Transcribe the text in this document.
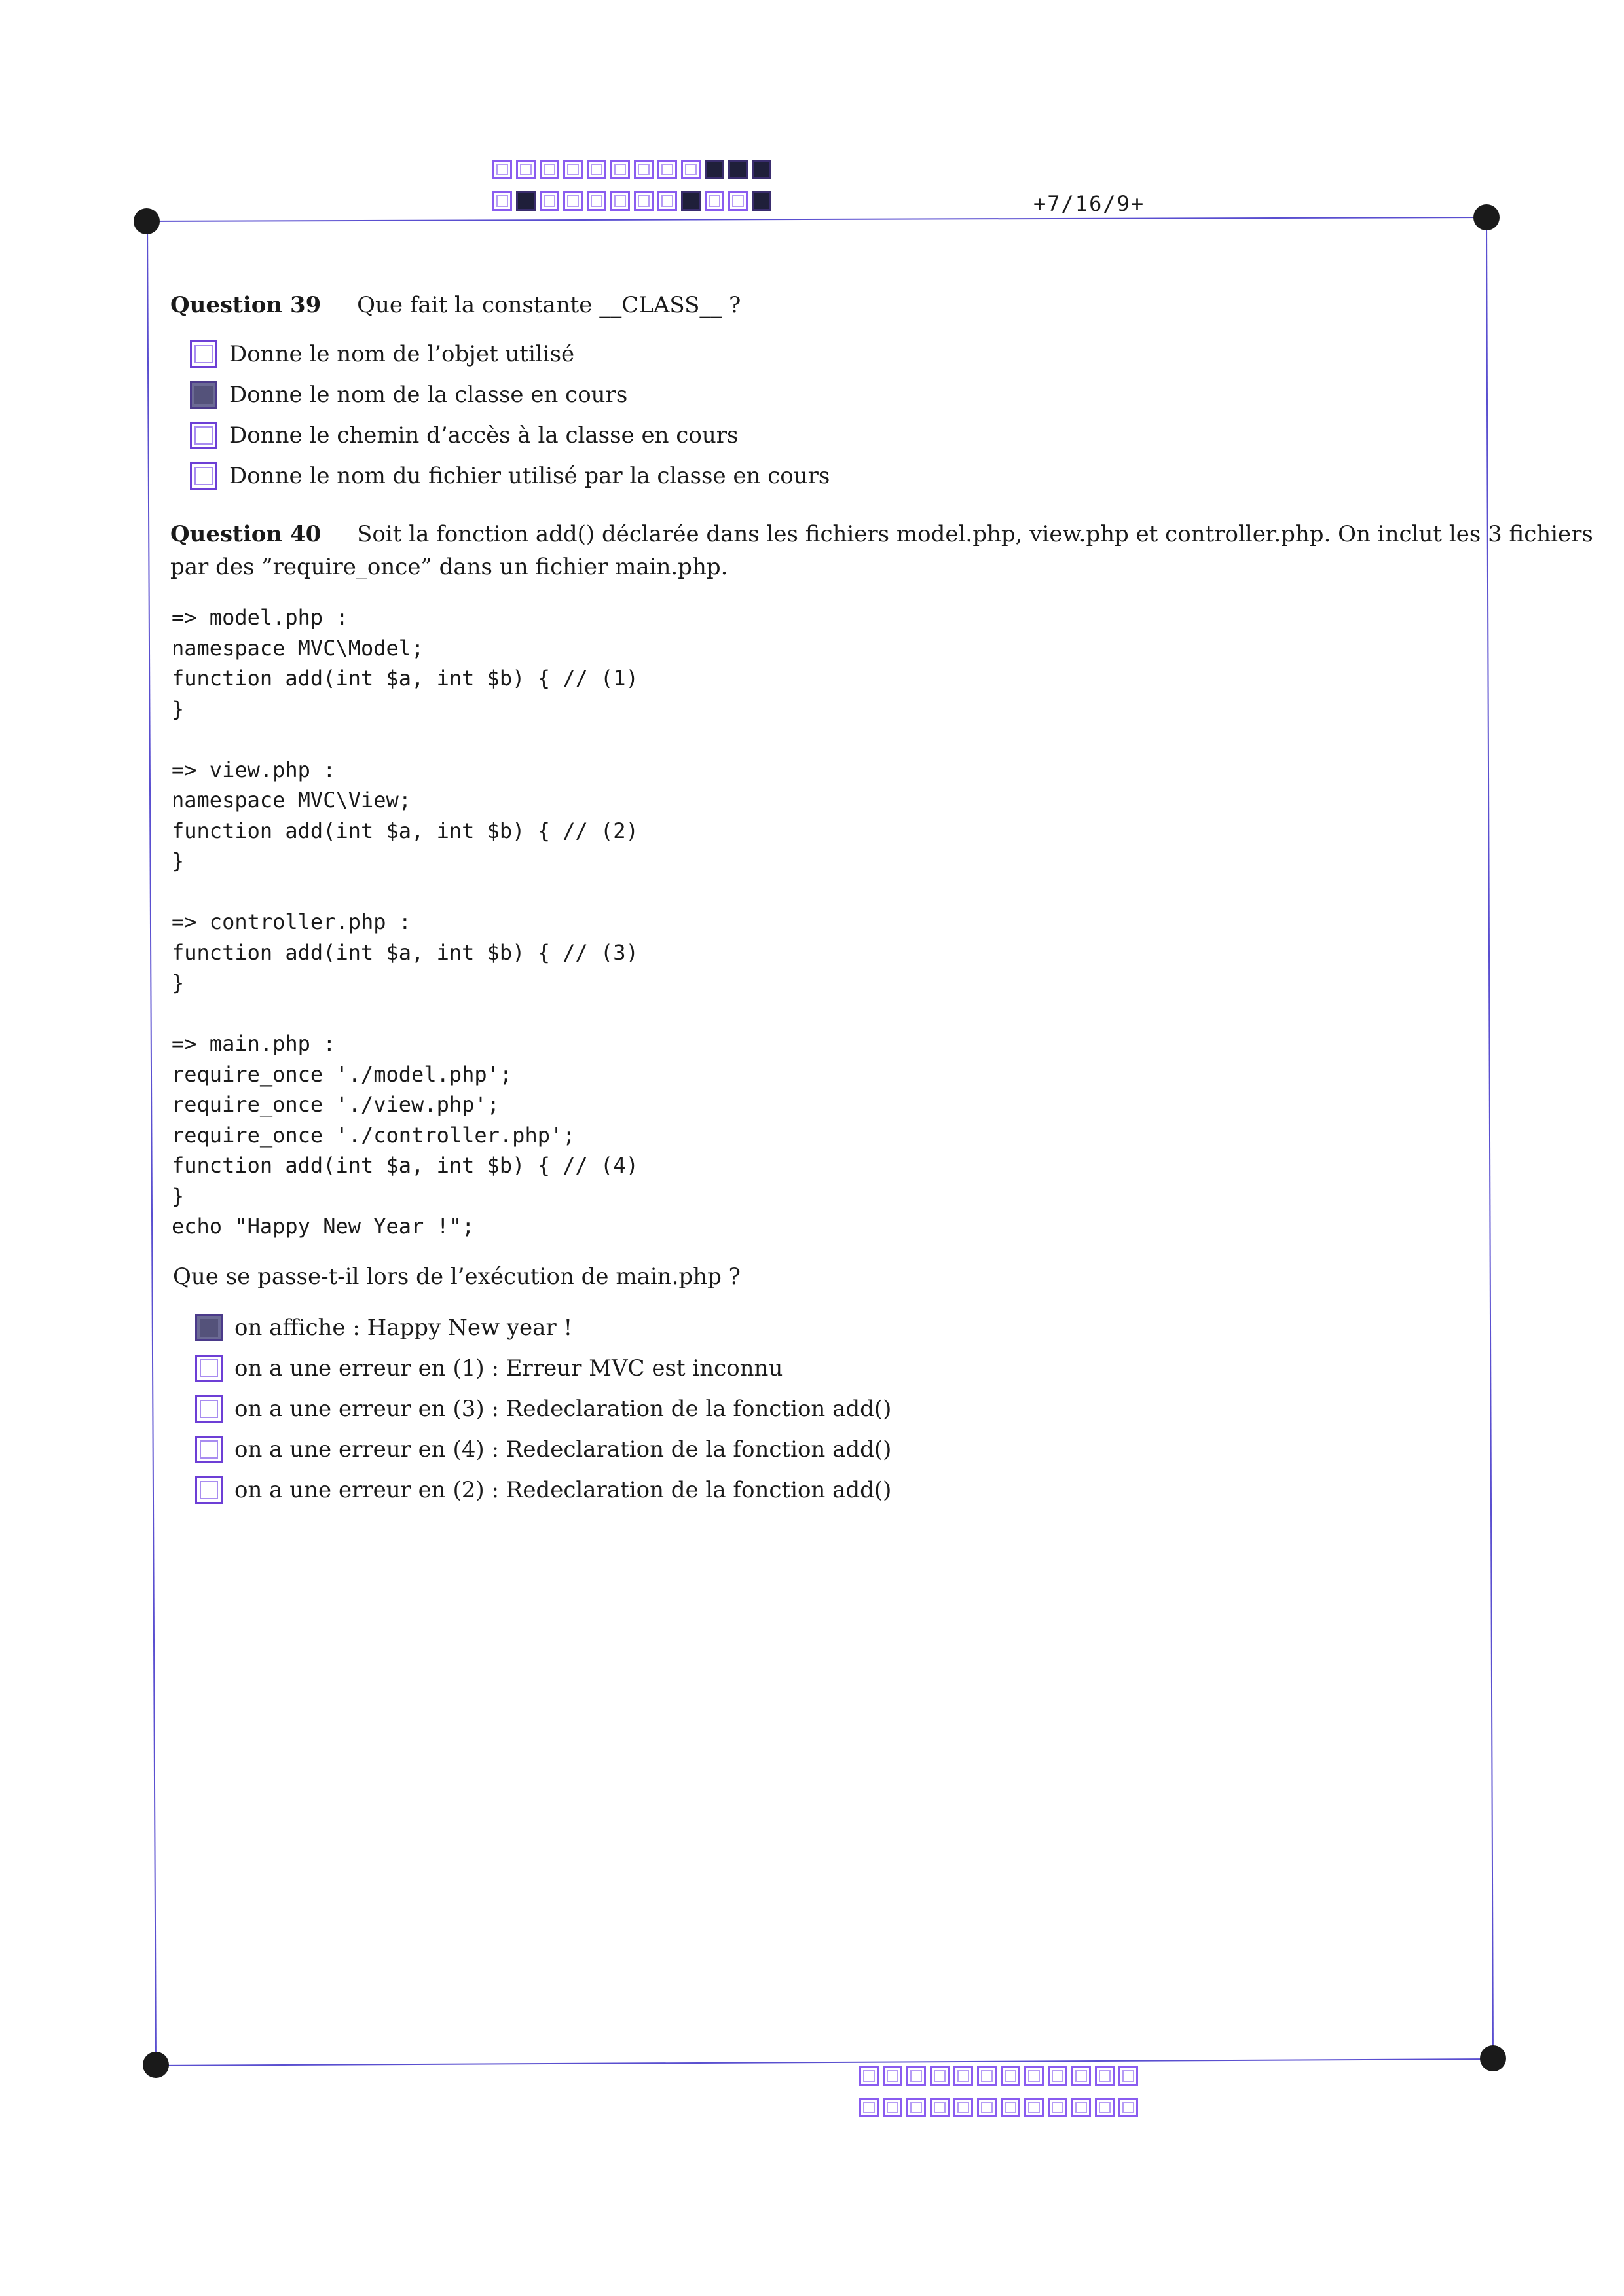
+7/16/9+
Question 39 Que fait la constante __CLASS__ ?
Donne le nom de l’objet utilisé
Donne le nom de la classe en cours
Donne le chemin d’accès à la classe en cours
Donne le nom du fichier utilisé par la classe en cours
Question 40 Soit la fonction add() déclarée dans les fichiers model.php, view.php et controller.php. On inclut les 3 fichiers
par des ”require_once” dans un fichier main.php.
=> model.php :
namespace MVC\Model;
function add(int $a, int $b) { // (1)
}

=> view.php :
namespace MVC\View;
function add(int $a, int $b) { // (2)
}

=> controller.php :
function add(int $a, int $b) { // (3)
}

=> main.php :
require_once './model.php';
require_once './view.php';
require_once './controller.php';
function add(int $a, int $b) { // (4)
}
echo "Happy New Year !";
Que se passe-t-il lors de l’exécution de main.php ?
on affiche : Happy New year !
on a une erreur en (1) : Erreur MVC est inconnu
on a une erreur en (3) : Redeclaration de la fonction add()
on a une erreur en (4) : Redeclaration de la fonction add()
on a une erreur en (2) : Redeclaration de la fonction add()
